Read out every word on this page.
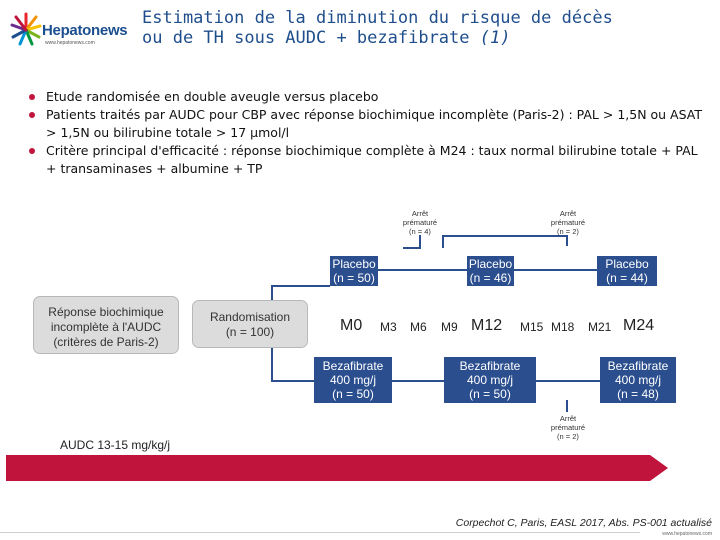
Hepatonews
www.hepatonews.com
Estimation de la diminution du risque de décès
ou de TH sous AUDC + bezafibrate (1)
Etude randomisée en double aveugle versus placebo
Patients traités par AUDC pour CBP avec réponse biochimique incomplète (Paris-2) : PAL > 1,5N ou ASAT > 1,5N ou bilirubine totale > 17 µmol/l
Critère principal d'efficacité : réponse biochimique complète à M24 : taux normal bilirubine totale + PAL + transaminases + albumine + TP
Arrêt
prématuré
(n = 4)
Arrêt
prématuré
(n = 2)
Arrêt
prématuré
(n = 2)
Placebo
(n = 50)
Placebo
(n = 46)
Placebo
(n = 44)
Bezafibrate
400 mg/j
(n = 50)
Bezafibrate
400 mg/j
(n = 50)
Bezafibrate
400 mg/j
(n = 48)
Réponse biochimique incomplète à l'AUDC (critères de Paris-2)
Randomisation
(n = 100)	M0 M3 M6 M9 M12 M15 M18 M21 M24
AUDC 13-15 mg/kg/j
Corpechot C, Paris, EASL 2017, Abs. PS-001 actualisé
www.hepatonews.com
